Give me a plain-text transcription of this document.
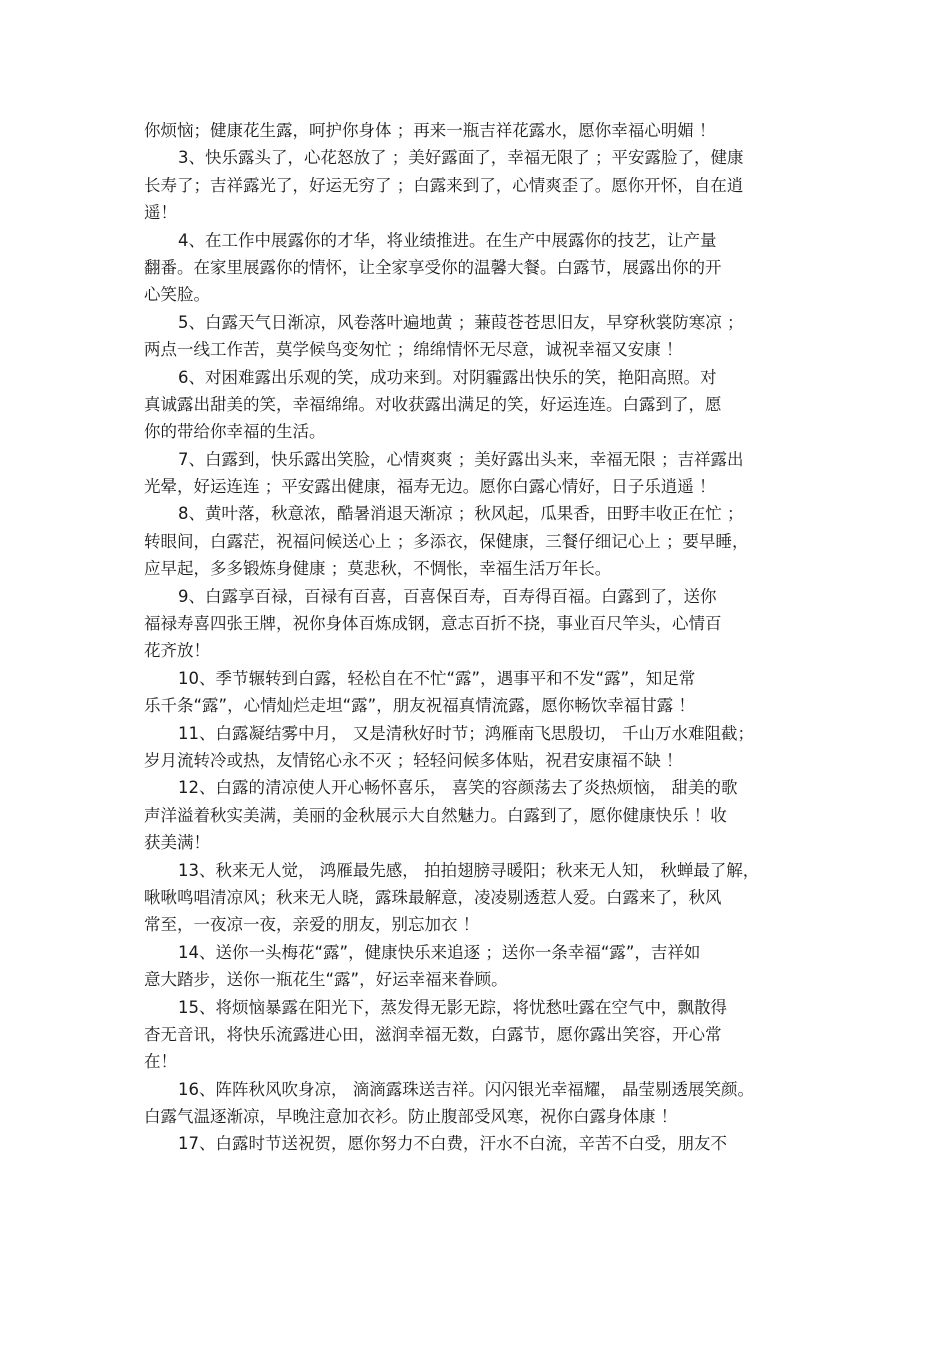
你烦恼；健康花生露，呵护你身体 ；再来一瓶吉祥花露水，愿你幸福心明媚 ！
3、快乐露头了，心花怒放了 ；美好露面了，幸福无限了 ；平安露脸了，健康
长寿了；吉祥露光了，好运无穷了 ；白露来到了，心情爽歪了。愿你开怀，自在逍
遥！
4、在工作中展露你的才华，将业绩推进。在生产中展露你的技艺，让产量
翻番。在家里展露你的情怀，让全家享受你的温馨大餐。白露节，展露出你的开
心笑脸。
5、白露天气日渐凉，风卷落叶遍地黄 ；蒹葭苍苍思旧友，早穿秋裳防寒凉 ；
两点一线工作苦，莫学候鸟变匆忙 ；绵绵情怀无尽意，诚祝幸福又安康 ！
6、对困难露出乐观的笑，成功来到。对阴霾露出快乐的笑，艳阳高照。对
真诚露出甜美的笑，幸福绵绵。对收获露出满足的笑，好运连连。白露到了，愿
你的带给你幸福的生活。
7、白露到，快乐露出笑脸，心情爽爽 ；美好露出头来，幸福无限 ；吉祥露出
光晕，好运连连 ；平安露出健康，福寿无边。愿你白露心情好，日子乐逍遥 ！
8、黄叶落，秋意浓，酷暑消退天渐凉 ；秋风起，瓜果香，田野丰收正在忙 ；
转眼间，白露茫，祝福问候送心上 ；多添衣，保健康，三餐仔细记心上 ；要早睡，
应早起，多多锻炼身健康 ；莫悲秋，不惆怅，幸福生活万年长。
9、白露享百禄，百禄有百喜，百喜保百寿，百寿得百福。白露到了，送你
福禄寿喜四张王牌，祝你身体百炼成钢，意志百折不挠，事业百尺竿头，心情百
花齐放！
10、季节辗转到白露，轻松自在不忙“露”，遇事平和不发“露”，知足常
乐千条“露”，心情灿烂走坦“露”，朋友祝福真情流露，愿你畅饮幸福甘露 ！
11、白露凝结雾中月， 又是清秋好时节；鸿雁南飞思殷切， 千山万水难阻截；
岁月流转冷或热，友情铭心永不灭 ；轻轻问候多体贴，祝君安康福不缺 ！
12、白露的清凉使人开心畅怀喜乐， 喜笑的容颜荡去了炎热烦恼， 甜美的歌
声洋溢着秋实美满，美丽的金秋展示大自然魅力。白露到了，愿你健康快乐 ！收
获美满！
13、秋来无人觉， 鸿雁最先感， 拍拍翅膀寻暖阳；秋来无人知， 秋蝉最了解，
啾啾鸣唱清凉风；秋来无人晓，露珠最解意，凌凌剔透惹人爱。白露来了，秋风
常至，一夜凉一夜，亲爱的朋友，别忘加衣 ！
14、送你一头梅花“露”，健康快乐来追逐 ；送你一条幸福“露”，吉祥如
意大踏步，送你一瓶花生“露”，好运幸福来眷顾。
15、将烦恼暴露在阳光下，蒸发得无影无踪，将忧愁吐露在空气中，飘散得
杳无音讯，将快乐流露进心田，滋润幸福无数，白露节，愿你露出笑容，开心常
在！
16、阵阵秋风吹身凉， 滴滴露珠送吉祥。闪闪银光幸福耀， 晶莹剔透展笑颜。
白露气温逐渐凉，早晚注意加衣衫。防止腹部受风寒，祝你白露身体康 ！
17、白露时节送祝贺，愿你努力不白费，汗水不白流，辛苦不白受，朋友不
